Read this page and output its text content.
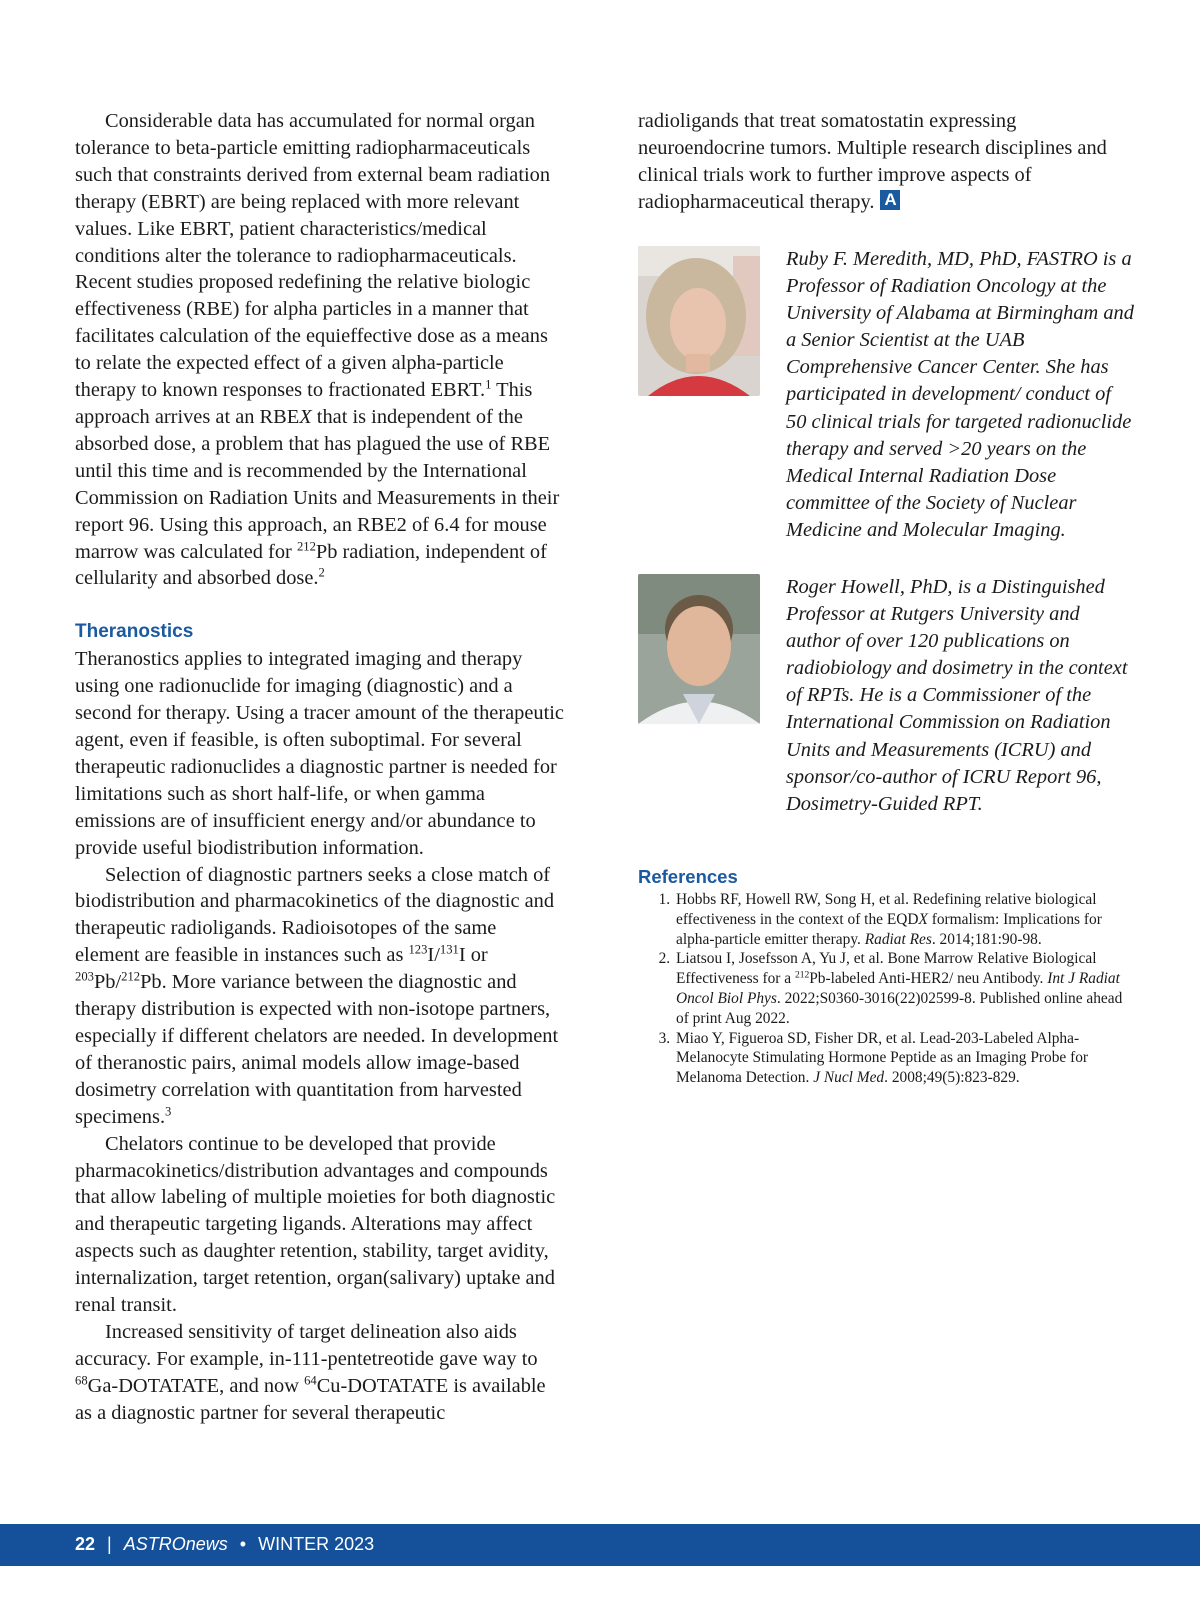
Considerable data has accumulated for normal organ tolerance to beta-particle emitting radiopharmaceuticals such that constraints derived from external beam radiation therapy (EBRT) are being replaced with more relevant values. Like EBRT, patient characteristics/medical conditions alter the tolerance to radiopharmaceuticals. Recent studies proposed redefining the relative biologic effectiveness (RBE) for alpha particles in a manner that facilitates calculation of the equieffective dose as a means to relate the expected effect of a given alpha-particle therapy to known responses to fractionated EBRT.$^1$ This approach arrives at an RBEX that is independent of the absorbed dose, a problem that has plagued the use of RBE until this time and is recommended by the International Commission on Radiation Units and Measurements in their report 96. Using this approach, an RBE2 of 6.4 for mouse marrow was calculated for $^{212}$Pb radiation, independent of cellularity and absorbed dose.$^2$

Theranostics

Theranostics applies to integrated imaging and therapy using one radionuclide for imaging (diagnostic) and a second for therapy. Using a tracer amount of the therapeutic agent, even if feasible, is often suboptimal. For several therapeutic radionuclides a diagnostic partner is needed for limitations such as short half-life, or when gamma emissions are of insufficient energy and/or abundance to provide useful biodistribution information.

Selection of diagnostic partners seeks a close match of biodistribution and pharmacokinetics of the diagnostic and therapeutic radioligands. Radioisotopes of the same element are feasible in instances such as $^{123}$I/$^{131}$I or $^{203}$Pb/$^{212}$Pb. More variance between the diagnostic and therapy distribution is expected with non-isotope partners, especially if different chelators are needed. In development of theranostic pairs, animal models allow image-based dosimetry correlation with quantitation from harvested specimens.$^3$

Chelators continue to be developed that provide pharmacokinetics/distribution advantages and compounds that allow labeling of multiple moieties for both diagnostic and therapeutic targeting ligands. Alterations may affect aspects such as daughter retention, stability, target avidity, internalization, target retention, organ(salivary) uptake and renal transit.

Increased sensitivity of target delineation also aids accuracy. For example, in-111-pentetreotide gave way to $^{68}$Ga-DOTATATE, and now $^{64}$Cu-DOTATATE is available as a diagnostic partner for several therapeutic

radioligands that treat somatostatin expressing neuroendocrine tumors. Multiple research disciplines and clinical trials work to further improve aspects of radiopharmaceutical therapy. A

Ruby F. Meredith, MD, PhD, FASTRO is a Professor of Radiation Oncology at the University of Alabama at Birmingham and a Senior Scientist at the UAB Comprehensive Cancer Center. She has participated in development/ conduct of 50 clinical trials for targeted radionuclide therapy and served >20 years on the Medical Internal Radiation Dose committee of the Society of Nuclear Medicine and Molecular Imaging.

Roger Howell, PhD, is a Distinguished Professor at Rutgers University and author of over 120 publications on radiobiology and dosimetry in the context of RPTs. He is a Commissioner of the International Commission on Radiation Units and Measurements (ICRU) and sponsor/co-author of ICRU Report 96, Dosimetry-Guided RPT.

References
1. Hobbs RF, Howell RW, Song H, et al. Redefining relative biological effectiveness in the context of the EQDX formalism: Implications for alpha-particle emitter therapy. Radiat Res. 2014;181:90-98.
2. Liatsou I, Josefsson A, Yu J, et al. Bone Marrow Relative Biological Effectiveness for a $^{212}$Pb-labeled Anti-HER2/ neu Antibody. Int J Radiat Oncol Biol Phys. 2022;S0360-3016(22)02599-8. Published online ahead of print Aug 2022.
3. Miao Y, Figueroa SD, Fisher DR, et al. Lead-203-Labeled Alpha-Melanocyte Stimulating Hormone Peptide as an Imaging Probe for Melanoma Detection. J Nucl Med. 2008;49(5):823-829.
22 | ASTROnews • WINTER 2023
